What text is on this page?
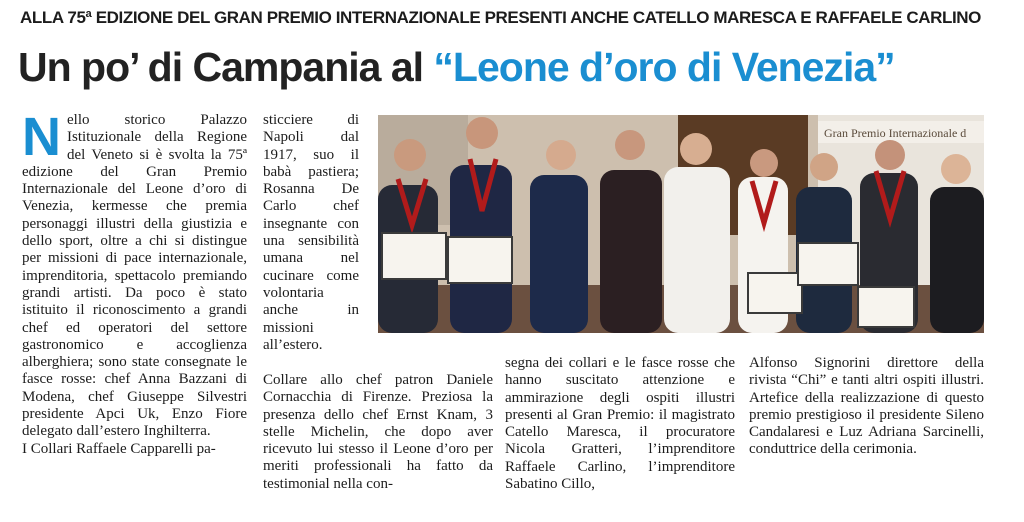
ALLA 75ª EDIZIONE DEL GRAN PREMIO INTERNAZIONALE PRESENTI ANCHE CATELLO MARESCA E RAFFAELE CARLINO
Un po’ di Campania al “Leone d’oro di Venezia”

Nello storico Palazzo Istituzionale della Regione del Veneto si è svolta la 75ª edizione del Gran Premio Internazionale del Leone d’oro di Venezia, kermesse che premia personaggi illustri della giustizia e dello sport, oltre a chi si distingue per missioni di pace internazionale, imprenditoria, spettacolo premiando grandi artisti. Da poco è stato istituito il riconoscimento a grandi chef ed operatori del settore gastronomico e accoglienza alberghiera; sono state consegnate le fasce rosse: chef Anna Bazzani di Modena, chef Giuseppe Silvestri presidente Apci Uk, Enzo Fiore delegato dall’estero Inghilterra.

I Collari Raffaele Capparelli pa-

sticciere di Napoli dal 1917, suo il babà pastiera; Rosanna De Carlo chef insegnante con una sensibilità umana nel cucinare come volontaria anche in missioni all’estero.

Collare allo chef patron Daniele Cornacchia di Firenze. Preziosa la presenza dello chef Ernst Knam, 3 stelle Michelin, che dopo aver ricevuto lui stesso il Leone d’oro per meriti professionali ha fatto da testimonial nella con-

segna dei collari e le fasce rosse che hanno suscitato attenzione e ammirazione degli ospiti illustri presenti al Gran Premio: il magistrato Catello Maresca, il procuratore Nicola Gratteri, l’imprenditore Raffaele Carlino, l’imprenditore Sabatino Cillo,

Alfonso Signorini direttore della rivista “Chi” e tanti altri ospiti illustri. Artefice della realizzazione di questo premio prestigioso il presidente Sileno Candalaresi e Luz Adriana Sarcinelli, conduttrice della cerimonia.

Gran Premio Internazionale d
